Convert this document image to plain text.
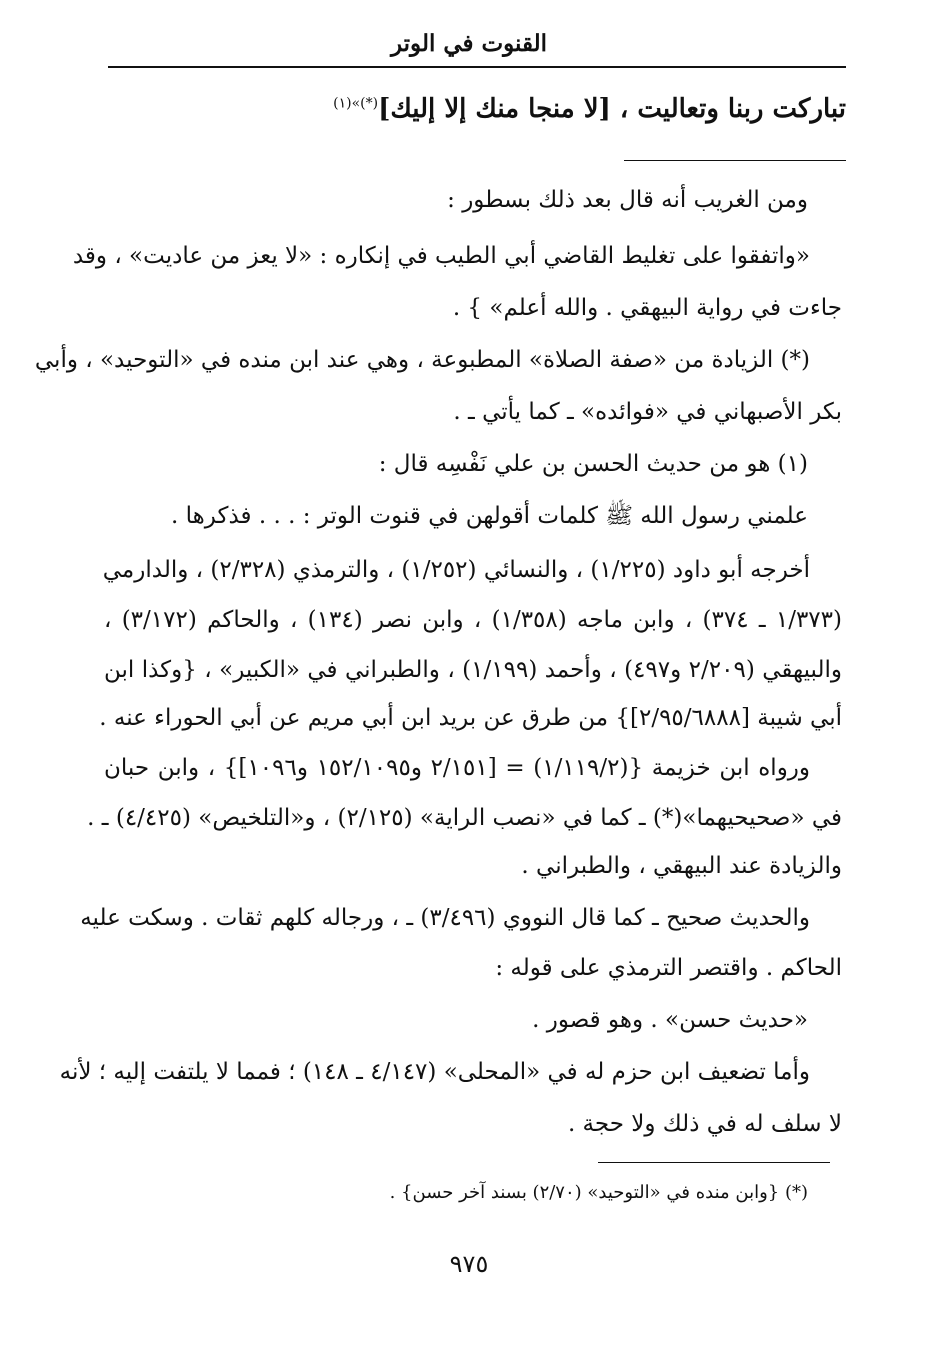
القنوت في الوتر
تباركت ربنا وتعاليت ، [لا منجا منك إلا إليك]$^{(*)»(١)}$
ومن الغريب أنه قال بعد ذلك بسطور :
«واتفقوا على تغليط القاضي أبي الطيب في إنكاره : «لا يعز من عاديت» ، وقد
جاءت في رواية البيهقي . والله أعلم» } .
(*) الزيادة من «صفة الصلاة» المطبوعة ، وهي عند ابن منده في «التوحيد» ، وأبي
بكر الأصبهاني في «فوائده» ـ كما يأتي ـ .
(١) هو من حديث الحسن بن علي نَفْسِه قال :
علمني رسول الله ﷺ كلمات أقولهن في قنوت الوتر : . . . فذكرها .
أخرجه أبو داود (١/٢٢٥) ، والنسائي (١/٢٥٢) ، والترمذي (٢/٣٢٨) ، والدارمي
(١/٣٧٣ ـ ٣٧٤) ، وابن ماجه (١/٣٥٨) ، وابن نصر (١٣٤) ، والحاكم (٣/١٧٢) ،
والبيهقي (٢/٢٠٩ و٤٩٧) ، وأحمد (١/١٩٩) ، والطبراني في «الكبير» ، {وكذا ابن
أبي شيبة [٢/٩٥/٦٨٨٨]} من طرق عن بريد ابن أبي مريم عن أبي الحوراء عنه .
ورواه ابن خزيمة {(١/١١٩/٢) = [٢/١٥١ و١٥٢/١٠٩٥ و١٠٩٦]} ، وابن حبان
في «صحيحيهما»(*) ـ كما في «نصب الراية» (٢/١٢٥) ، و«التلخيص» (٤/٤٢٥) ـ .
والزيادة عند البيهقي ، والطبراني .
والحديث صحيح ـ كما قال النووي (٣/٤٩٦) ـ ، ورجاله كلهم ثقات . وسكت عليه
الحاكم . واقتصر الترمذي على قوله :
«حديث حسن» . وهو قصور .
وأما تضعيف ابن حزم له في «المحلى» (٤/١٤٧ ـ ١٤٨) ؛ فمما لا يلتفت إليه ؛ لأنه
لا سلف له في ذلك ولا حجة .
(*) {وابن منده في «التوحيد» (٢/٧٠) بسند آخر حسن} .
٩٧٥
